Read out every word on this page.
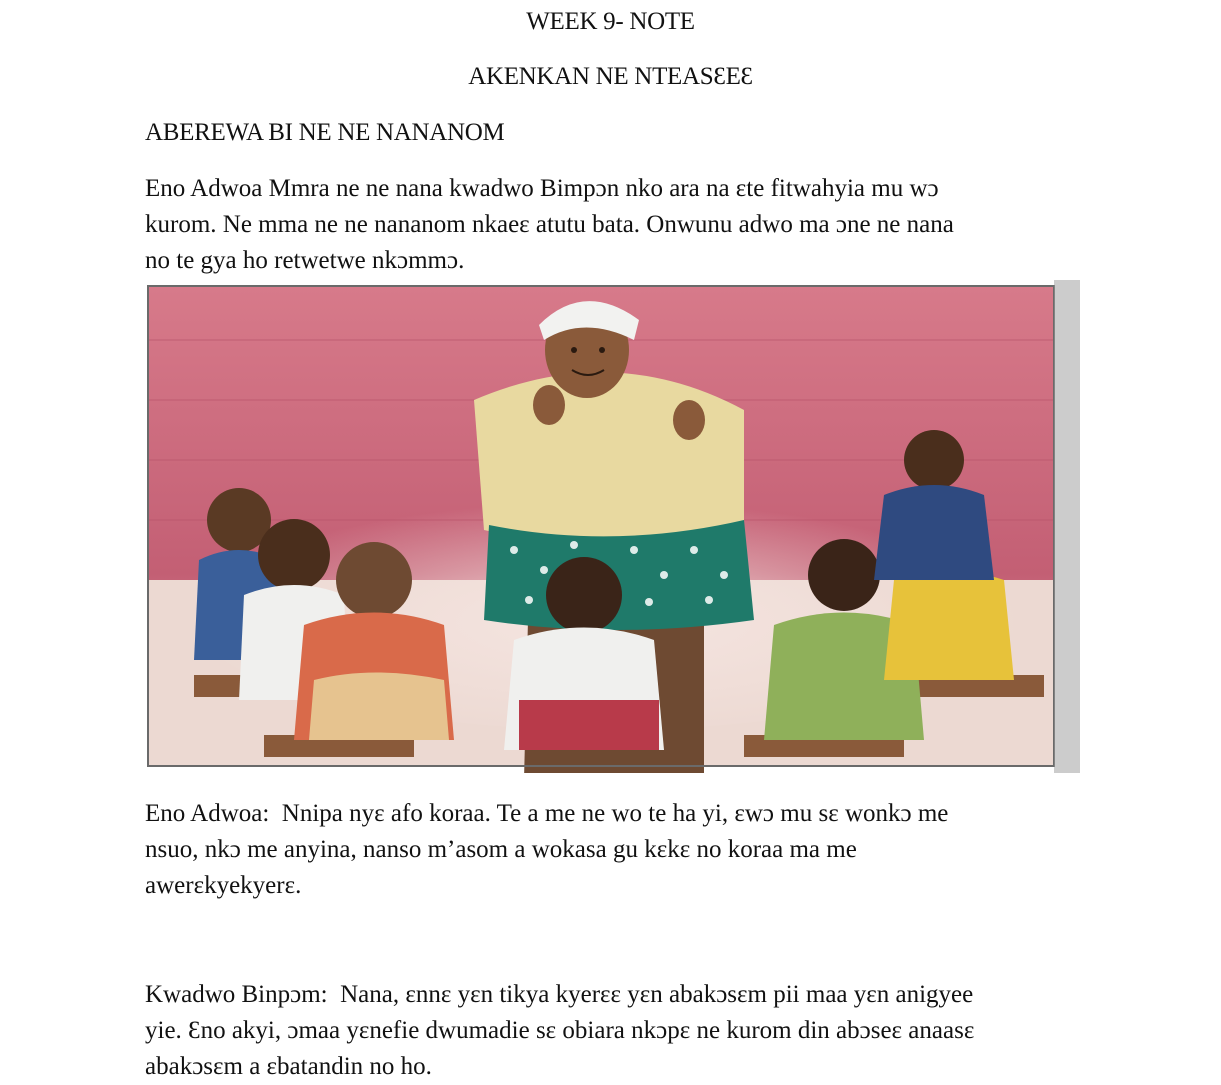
WEEK 9- NOTE
AKENKAN NE NTEASƐEƐ
ABEREWA BI NE NE NANANOM
Eno Adwoa Mmra ne ne nana kwadwo Bimpɔn nko ara na ɛte fitwahyia mu wɔ
kurom. Ne mma ne ne nananom nkaeɛ atutu bata. Onwunu adwo ma ɔne ne nana
no te gya ho retwetwe nkɔmmɔ.
Eno Adwoa: Nnipa nyɛ afo koraa. Te a me ne wo te ha yi, ɛwɔ mu sɛ wonkɔ me
nsuo, nkɔ me anyina, nanso m’asom a wokasa gu kɛkɛ no koraa ma me
awerɛkyekyerɛ.
Kwadwo Binpɔm: Nana, ɛnnɛ yɛn tikya kyerɛɛ yɛn abakɔsɛm pii maa yɛn anigyee
yie. Ɛno akyi, ɔmaa yɛnefie dwumadie sɛ obiara nkɔpɛ ne kurom din abɔseɛ anaasɛ
abakɔsɛm a ɛbatandin no ho.
